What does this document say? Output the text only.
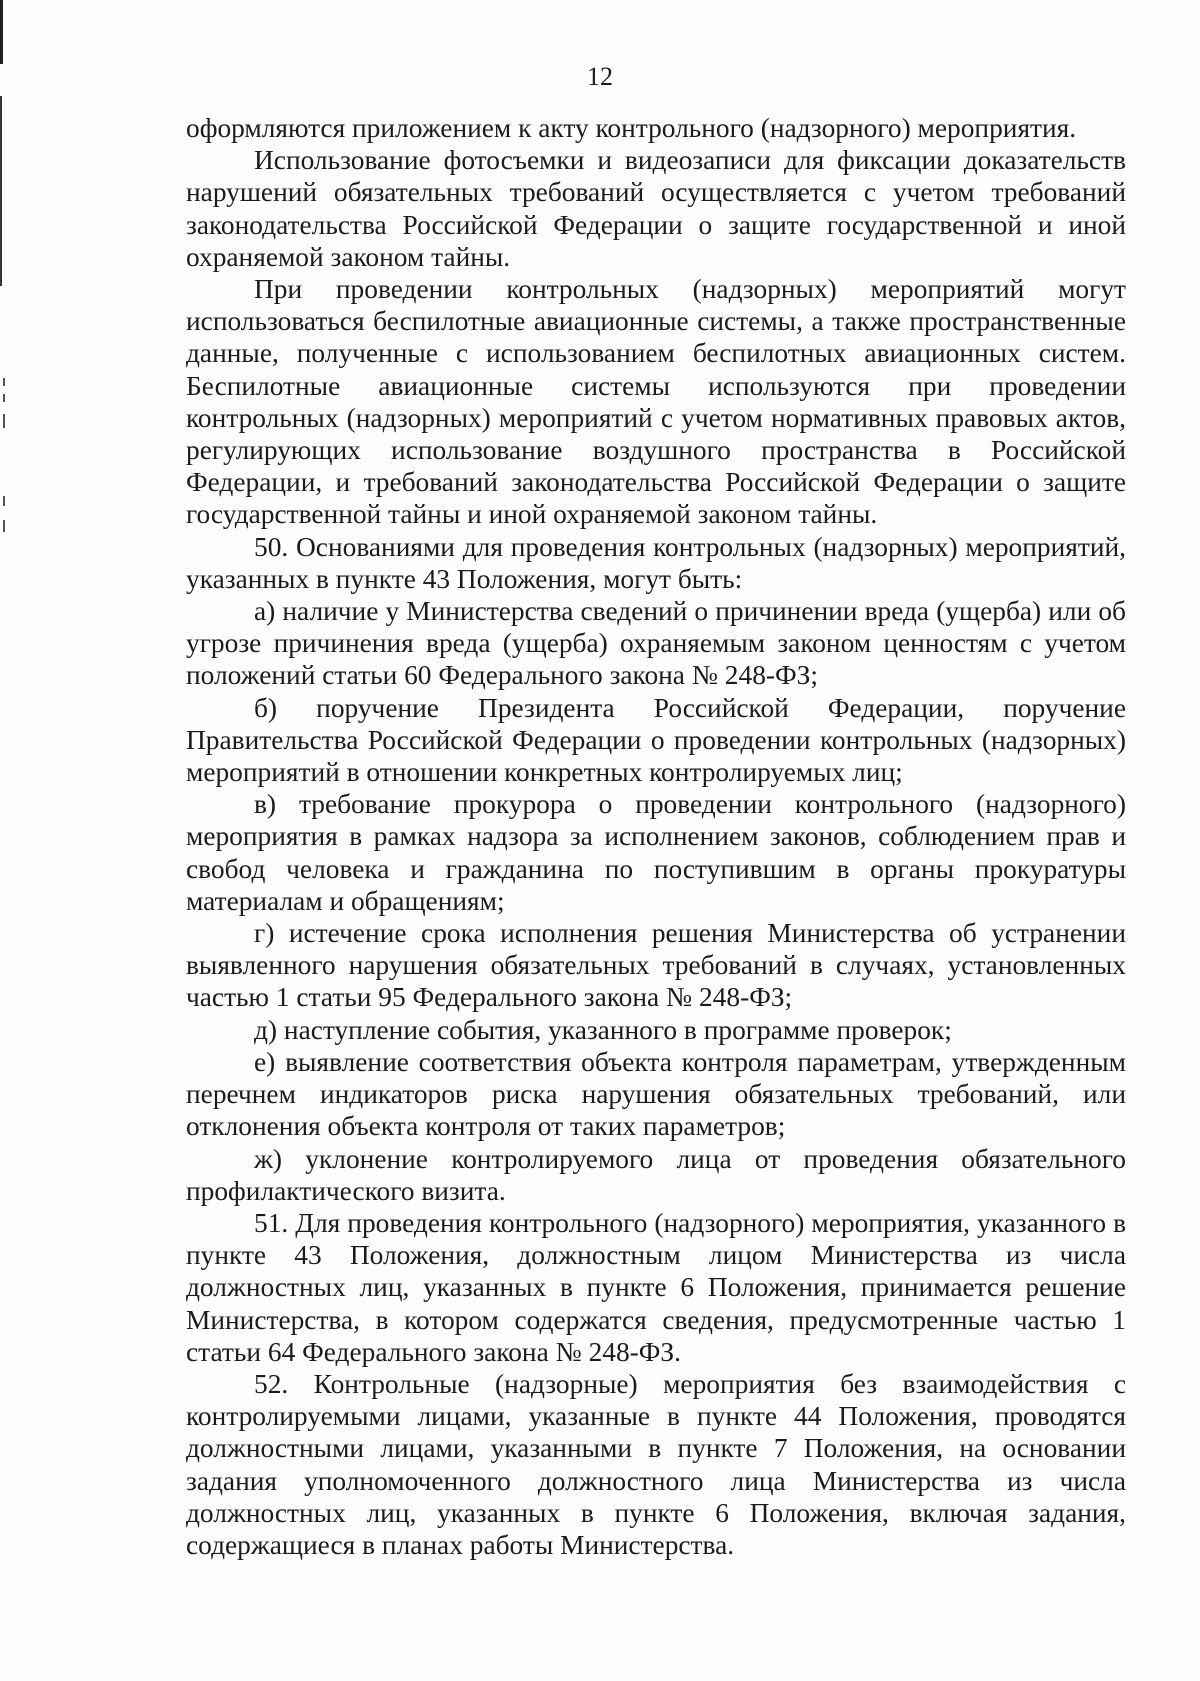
12

оформляются приложением к акту контрольного (надзорного) мероприятия.

Использование фотосъемки и видеозаписи для фиксации доказательств нарушений обязательных требований осуществляется с учетом требований законодательства Российской Федерации о защите государственной и иной охраняемой законом тайны.

При проведении контрольных (надзорных) мероприятий могут использоваться беспилотные авиационные системы, а также пространственные данные, полученные с использованием беспилотных авиационных систем. Беспилотные авиационные системы используются при проведении контрольных (надзорных) мероприятий с учетом нормативных правовых актов, регулирующих использование воздушного пространства в Российской Федерации, и требований законодательства Российской Федерации о защите государственной тайны и иной охраняемой законом тайны.

50. Основаниями для проведения контрольных (надзорных) мероприятий, указанных в пункте 43 Положения, могут быть:

а) наличие у Министерства сведений о причинении вреда (ущерба) или об угрозе причинения вреда (ущерба) охраняемым законом ценностям с учетом положений статьи 60 Федерального закона № 248-ФЗ;

б) поручение Президента Российской Федерации, поручение Правительства Российской Федерации о проведении контрольных (надзорных) мероприятий в отношении конкретных контролируемых лиц;

в) требование прокурора о проведении контрольного (надзорного) мероприятия в рамках надзора за исполнением законов, соблюдением прав и свобод человека и гражданина по поступившим в органы прокуратуры материалам и обращениям;

г) истечение срока исполнения решения Министерства об устранении выявленного нарушения обязательных требований в случаях, установленных частью 1 статьи 95 Федерального закона № 248-ФЗ;

д) наступление события, указанного в программе проверок;

е) выявление соответствия объекта контроля параметрам, утвержденным перечнем индикаторов риска нарушения обязательных требований, или отклонения объекта контроля от таких параметров;

ж) уклонение контролируемого лица от проведения обязательного профилактического визита.

51. Для проведения контрольного (надзорного) мероприятия, указанного в пункте 43 Положения, должностным лицом Министерства из числа должностных лиц, указанных в пункте 6 Положения, принимается решение Министерства, в котором содержатся сведения, предусмотренные частью 1 статьи 64 Федерального закона № 248-ФЗ.

52. Контрольные (надзорные) мероприятия без взаимодействия с контролируемыми лицами, указанные в пункте 44 Положения, проводятся должностными лицами, указанными в пункте 7 Положения, на основании задания уполномоченного должностного лица Министерства из числа должностных лиц, указанных в пункте 6 Положения, включая задания, содержащиеся в планах работы Министерства.
